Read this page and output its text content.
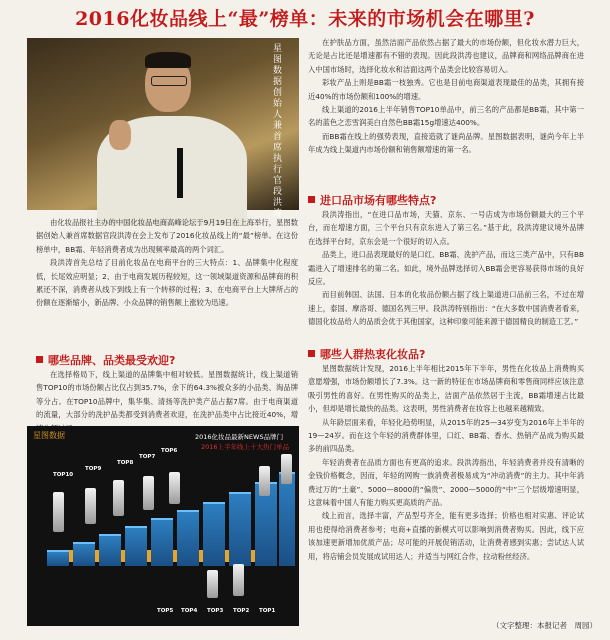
2016化妆品线上“最”榜单：未来的市场机会在哪里?
星图数据创始人兼首席执行官段洪涛

由化妆品报社主办的中国化妆品电商高峰论坛于9月19日在上海举行，星图数据创始人兼首席数据官段洪涛在会上发布了2016化妆品线上的“最”榜单。在这份榜单中，BB霜、年轻消费者成为出现频率最高的两个词汇。

段洪涛首先总结了目前化妆品在电商平台的三大特点：1、品牌集中化程度低，长尾效应明显；2、由于电商发展历程较短，这一领域渠道资源和品牌商的积累还不深，消费者从线下到线上有一个转移的过程；3、在电商平台上大牌所占的份额在逐渐缩小，新品牌、小众品牌的销售额上涨较为迅速。

哪些品牌、品类最受欢迎?

在选择格局下，线上渠道的品牌集中相对较低。星图数据统计，线上渠道销售TOP10的市场份额占比仅占到35.7%，余下的64.3%被众多的小品类、淘品牌等分占。在TOP10品牌中，集华集、清扬等洗护类产品占据7席。由于电商渠道的流量，大部分的洗护品类都受到消费者欢迎，在洗护品类中占比接近40%，增

星图数据	2016化妆品最新NEWS品牌门
2016上半年线上十大热门单品
TOP10
TOP9
TOP8
TOP7
TOP6
TOP5 TOP4 TOP3 TOP2 TOP1

在护肤品方面，虽然洁面产品依然占据了最大的市场份额，但化妆水潜力巨大，无论是占比还是增速都有不错的表现。因此段洪涛也建议，品牌商和网络品牌商在进入中国市场时，选择化妆水和洁面这两个品类会比较容易切入。

彩妆产品上则是BB霜一枝独秀。它也是目前电商渠道表现最佳的品类，其拥有接近40%的市场份额和100%的增速。

线上渠道的2016上半年销售TOP10单品中，前三名的产品都是BB霜，其中第一名的蓝色之恋雪润美白自然色BB霜15g增速达400%。

而BB霜在线上的强势表现，直接造就了谜尚品牌。星图数据表明，谜尚今年上半年成为线上渠道内市场份额和销售额增速的第一名。

进口品市场有哪些特点?

段洪涛指出，“在进口品市场，天猫、京东、一号店成为市场份额最大的三个平台，而在增速方面，三个平台只有京东进入了第三名。”基于此，段洪涛建议境外品牌在选择平台时，京东会是一个很好的切入点。

品类上，进口品表现最好的是口红、BB霜、洗护产品，而这三类产品中，只有BB霜进入了增速排名的第二名。如此，境外品牌选择切入BB霜会更容易获得市场的良好反应。

而目前韩国、法国、日本的化妆品份额占据了线上渠道进口品前三名，不过在增速上，泰国、摩洛哥、德国名列三甲。段洪涛特别指出：“在大多数中国消费者看来，德国化妆品给人的品质会优于其他国家，这种印象可能来源于德国精良的制造工艺。”

哪些人群热衷化妆品?

星图数据统计发现，2016上半年相比2015年下半年，男性在化妆品上消费购买意愿增强，市场份额增长了7.3%。这一新的特征在市场品牌商和零售商同样应该注意吸引男性的喜好。在男性购买的品类上，洁面产品依然居于主流，BB霜增速占比最小，但却是增长最快的品类。这表明，男性消费者在妆容上也越来越精致。

从年龄层面来看，年轻化趋势明显，从2015年的25—34岁变为2016年上半年的19—24岁。而在这个年轻的消费群体里，口红、BB霜、香水、热销产品成为购买最多的前四品类。

年轻消费者在品质方面也有更高的追求。段洪涛指出，年轻消费者并没有清晰的金钱价格概念，因而，年轻的网购一族消费者极易成为“冲动消费”的主力。其中年消费过万的“土豪”、5000—8000的“偏贵”、2000—5000的“中”三个层级增速明显，这意味着中国人有能力购买更高质的产品。

线上而言，选择丰富，产品型号齐全，能有更多选择；价格也相对实惠、评论试用也使得给消费者参考；电商+直播的新模式可以影响到消费者购买。因此，线下应该加速更新增加优质产品；尽可能的开展促销活动，让消费者感到实惠；尝试达人试用，将店铺会员发展成试用达人；并适当与网红合作，拉动粉丝经济。

（文字整理：本报记者　周园）
